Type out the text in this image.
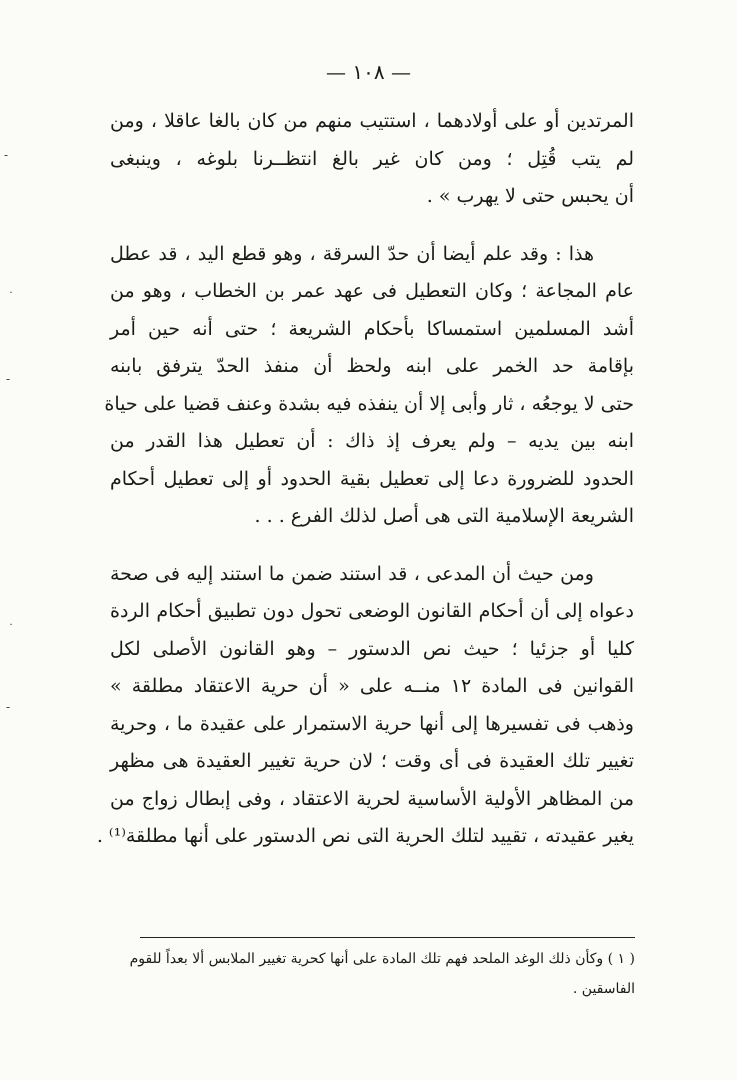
— ١٠٨ —
المرتدين أو على أولادهما ، استتيب منهم من كان بالغا عاقلا ، ومن
لم يتب قُتِل ؛ ومن كان غير بالغ انتظــرنا بلوغه ، وينبغى
أن يحبس حتى لا يهرب » .
هذا : وقد علم أيضا أن حدّ السرقة ، وهو قطع اليد ، قد عطل
عام المجاعة ؛ وكان التعطيل فى عهد عمر بن الخطاب ، وهو من
أشد المسلمين استمساكا بأحكام الشريعة ؛ حتى أنه حين أمر
بإقامة حد الخمر على ابنه ولحظ أن منفذ الحدّ يترفق بابنه
حتى لا يوجعُه ، ثار وأبى إلا أن ينفذه فيه بشدة وعنف قضيا على حياة
ابنه بين يديه – ولم يعرف إذ ذاك : أن تعطيل هذا القدر من
الحدود للضرورة دعا إلى تعطيل بقية الحدود أو إلى تعطيل أحكام
الشريعة الإسلامية التى هى أصل لذلك الفرع . . .
ومن حيث أن المدعى ، قد استند ضمن ما استند إليه فى صحة
دعواه إلى أن أحكام القانون الوضعى تحول دون تطبيق أحكام الردة
كليا أو جزئيا ؛ حيث نص الدستور – وهو القانون الأصلى لكل
القوانين فى المادة ١٢ منــه على « أن حرية الاعتقاد مطلقة »
وذهب فى تفسيرها إلى أنها حرية الاستمرار على عقيدة ما ، وحرية
تغيير تلك العقيدة فى أى وقت ؛ لان حرية تغيير العقيدة هى مظهر
من المظاهر الأولية الأساسية لحرية الاعتقاد ، وفى إبطال زواج من
يغير عقيدته ، تقييد لتلك الحرية التى نص الدستور على أنها مطلقة⁽¹⁾ .
( ١ ) وكأن ذلك الوغد الملحد فهم تلك المادة على أنها كحرية تغيير الملابس ألا بعداً للقوم
الفاسقين .
-
˙
-
˙
-
